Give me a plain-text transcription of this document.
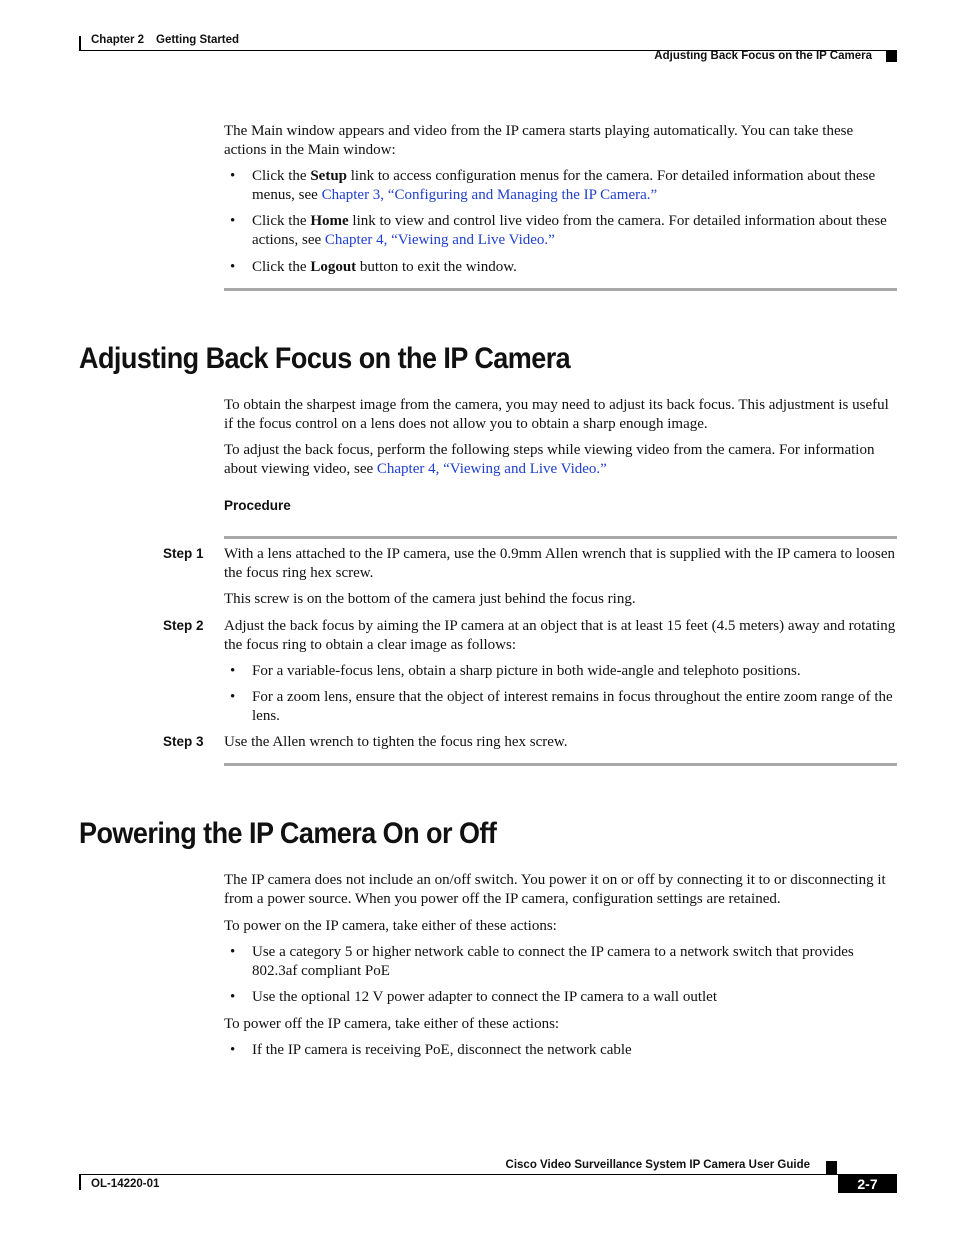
Chapter 2 Getting Started
Adjusting Back Focus on the IP Camera

The Main window appears and video from the IP camera starts playing automatically. You can take these actions in the Main window:

• Click the Setup link to access configuration menus for the camera. For detailed information about these menus, see Chapter 3, “Configuring and Managing the IP Camera.”
• Click the Home link to view and control live video from the camera. For detailed information about these actions, see Chapter 4, “Viewing and Live Video.”
• Click the Logout button to exit the window.
Adjusting Back Focus on the IP Camera

To obtain the sharpest image from the camera, you may need to adjust its back focus. This adjustment is useful if the focus control on a lens does not allow you to obtain a sharp enough image.

To adjust the back focus, perform the following steps while viewing video from the camera. For information about viewing video, see Chapter 4, “Viewing and Live Video.”

Procedure
Step 1 With a lens attached to the IP camera, use the 0.9mm Allen wrench that is supplied with the IP camera to loosen the focus ring hex screw.

This screw is on the bottom of the camera just behind the focus ring.

Step 2 Adjust the back focus by aiming the IP camera at an object that is at least 15 feet (4.5 meters) away and rotating the focus ring to obtain a clear image as follows:

• For a variable-focus lens, obtain a sharp picture in both wide-angle and telephoto positions.
• For a zoom lens, ensure that the object of interest remains in focus throughout the entire zoom range of the lens.
Step 3 Use the Allen wrench to tighten the focus ring hex screw.

Powering the IP Camera On or Off

The IP camera does not include an on/off switch. You power it on or off by connecting it to or disconnecting it from a power source. When you power off the IP camera, configuration settings are retained.

To power on the IP camera, take either of these actions:

• Use a category 5 or higher network cable to connect the IP camera to a network switch that provides 802.3af compliant PoE
• Use the optional 12 V power adapter to connect the IP camera to a wall outlet

To power off the IP camera, take either of these actions:

• If the IP camera is receiving PoE, disconnect the network cable
Cisco Video Surveillance System IP Camera User Guide
OL-14220-01	2-7
